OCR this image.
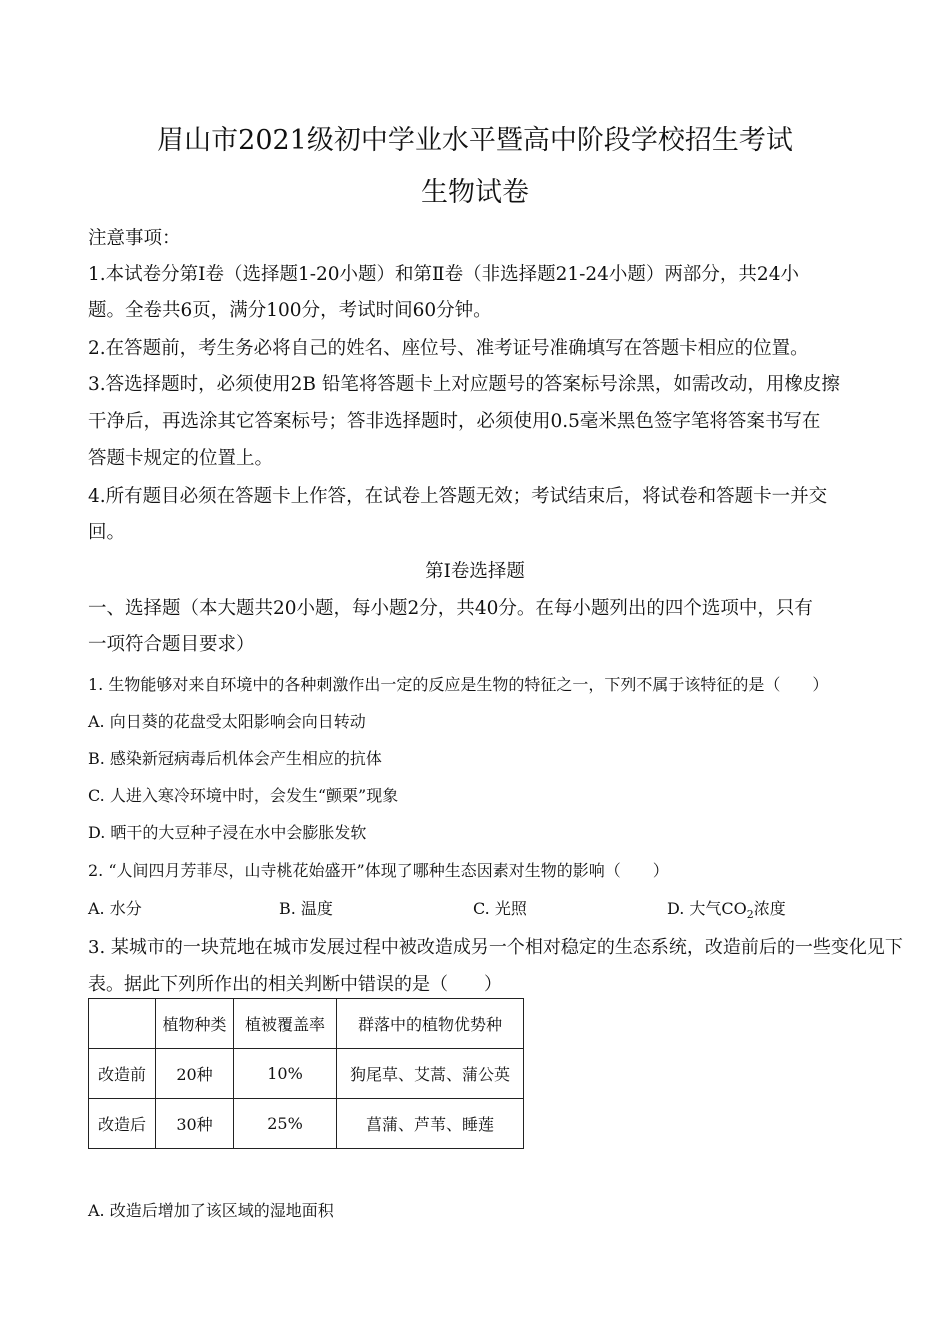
眉山市2021级初中学业水平暨高中阶段学校招生考试
生物试卷
注意事项：
1.本试卷分第Ⅰ卷（选择题1-20小题）和第Ⅱ卷（非选择题21-24小题）两部分，共24小
题。全卷共6页，满分100分，考试时间60分钟。
2.在答题前，考生务必将自己的姓名、座位号、准考证号准确填写在答题卡相应的位置。
3.答选择题时，必须使用2B 铅笔将答题卡上对应题号的答案标号涂黑，如需改动，用橡皮擦
干净后，再选涂其它答案标号；答非选择题时，必须使用0.5毫米黑色签字笔将答案书写在
答题卡规定的位置上。
4.所有题目必须在答题卡上作答，在试卷上答题无效；考试结束后，将试卷和答题卡一并交
回。
第Ⅰ卷选择题
一、选择题（本大题共20小题，每小题2分，共40分。在每小题列出的四个选项中，只有
一项符合题目要求）
1. 生物能够对来自环境中的各种刺激作出一定的反应是生物的特征之一，下列不属于该特征的是（　　）
A. 向日葵的花盘受太阳影响会向日转动
B. 感染新冠病毒后机体会产生相应的抗体
C. 人进入寒冷环境中时，会发生“颤栗”现象
D. 晒干的大豆种子浸在水中会膨胀发软
2. “人间四月芳菲尽，山寺桃花始盛开”体现了哪种生态因素对生物的影响（　　）
A. 水分	B. 温度	C. 光照	D. 大气$CO_2$浓度
3. 某城市的一块荒地在城市发展过程中被改造成另一个相对稳定的生态系统，改造前后的一些变化见下
表。据此下列所作出的相关判断中错误的是（　　）
	植物种类	植被覆盖率	群落中的植物优势种
改造前	20种	10%	狗尾草、艾蒿、蒲公英
改造后	30种	25%	菖蒲、芦苇、睡莲
A. 改造后增加了该区域的湿地面积
